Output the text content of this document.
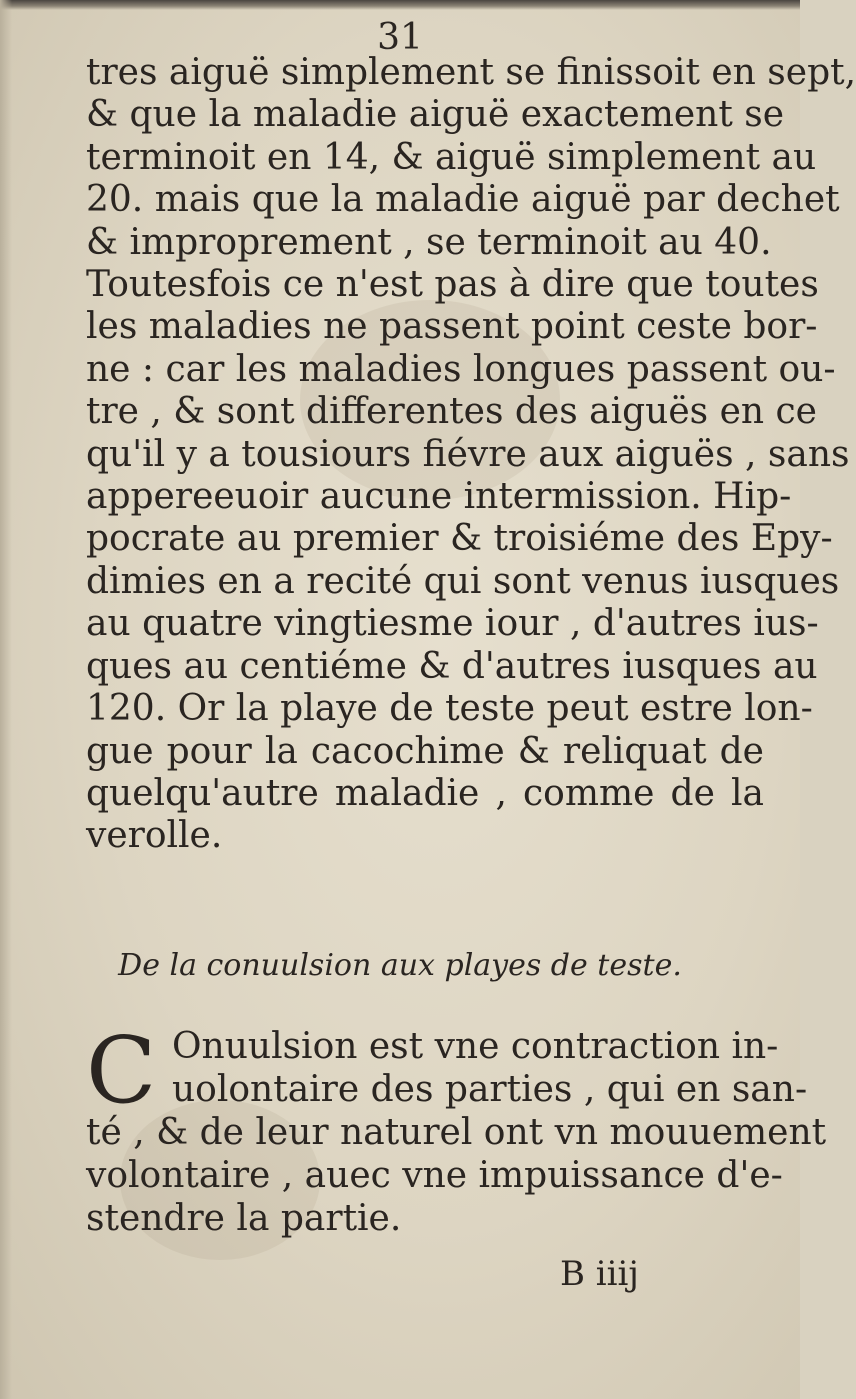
31
tres aiguë simplement se finissoit en sept,
& que la maladie aiguë exactement se
terminoit en 14, & aiguë simplement au
20. mais que la maladie aiguë par dechet
& improprement , se terminoit au 40.
Toutesfois ce n'est pas à dire que toutes
les maladies ne passent point ceste bor-
ne : car les maladies longues passent ou-
tre , & sont differentes des aiguës en ce
qu'il y a tousiours fiévre aux aiguës , sans
appereeuoir aucune intermission. Hip-
pocrate au premier & troisiéme des Epy-
dimies en a recité qui sont venus iusques
au quatre vingtiesme iour , d'autres ius-
ques au centiéme & d'autres iusques au
120. Or la playe de teste peut estre lon-
gue pour la cacochime & reliquat de
quelqu'autre maladie , comme de la
verolle.
De la conuulsion aux playes de teste.
C Onuulsion est vne contraction in-
uolontaire des parties , qui en san-
té , & de leur naturel ont vn mouuement
volontaire , auec vne impuissance d'e-
stendre la partie.
B iiij
